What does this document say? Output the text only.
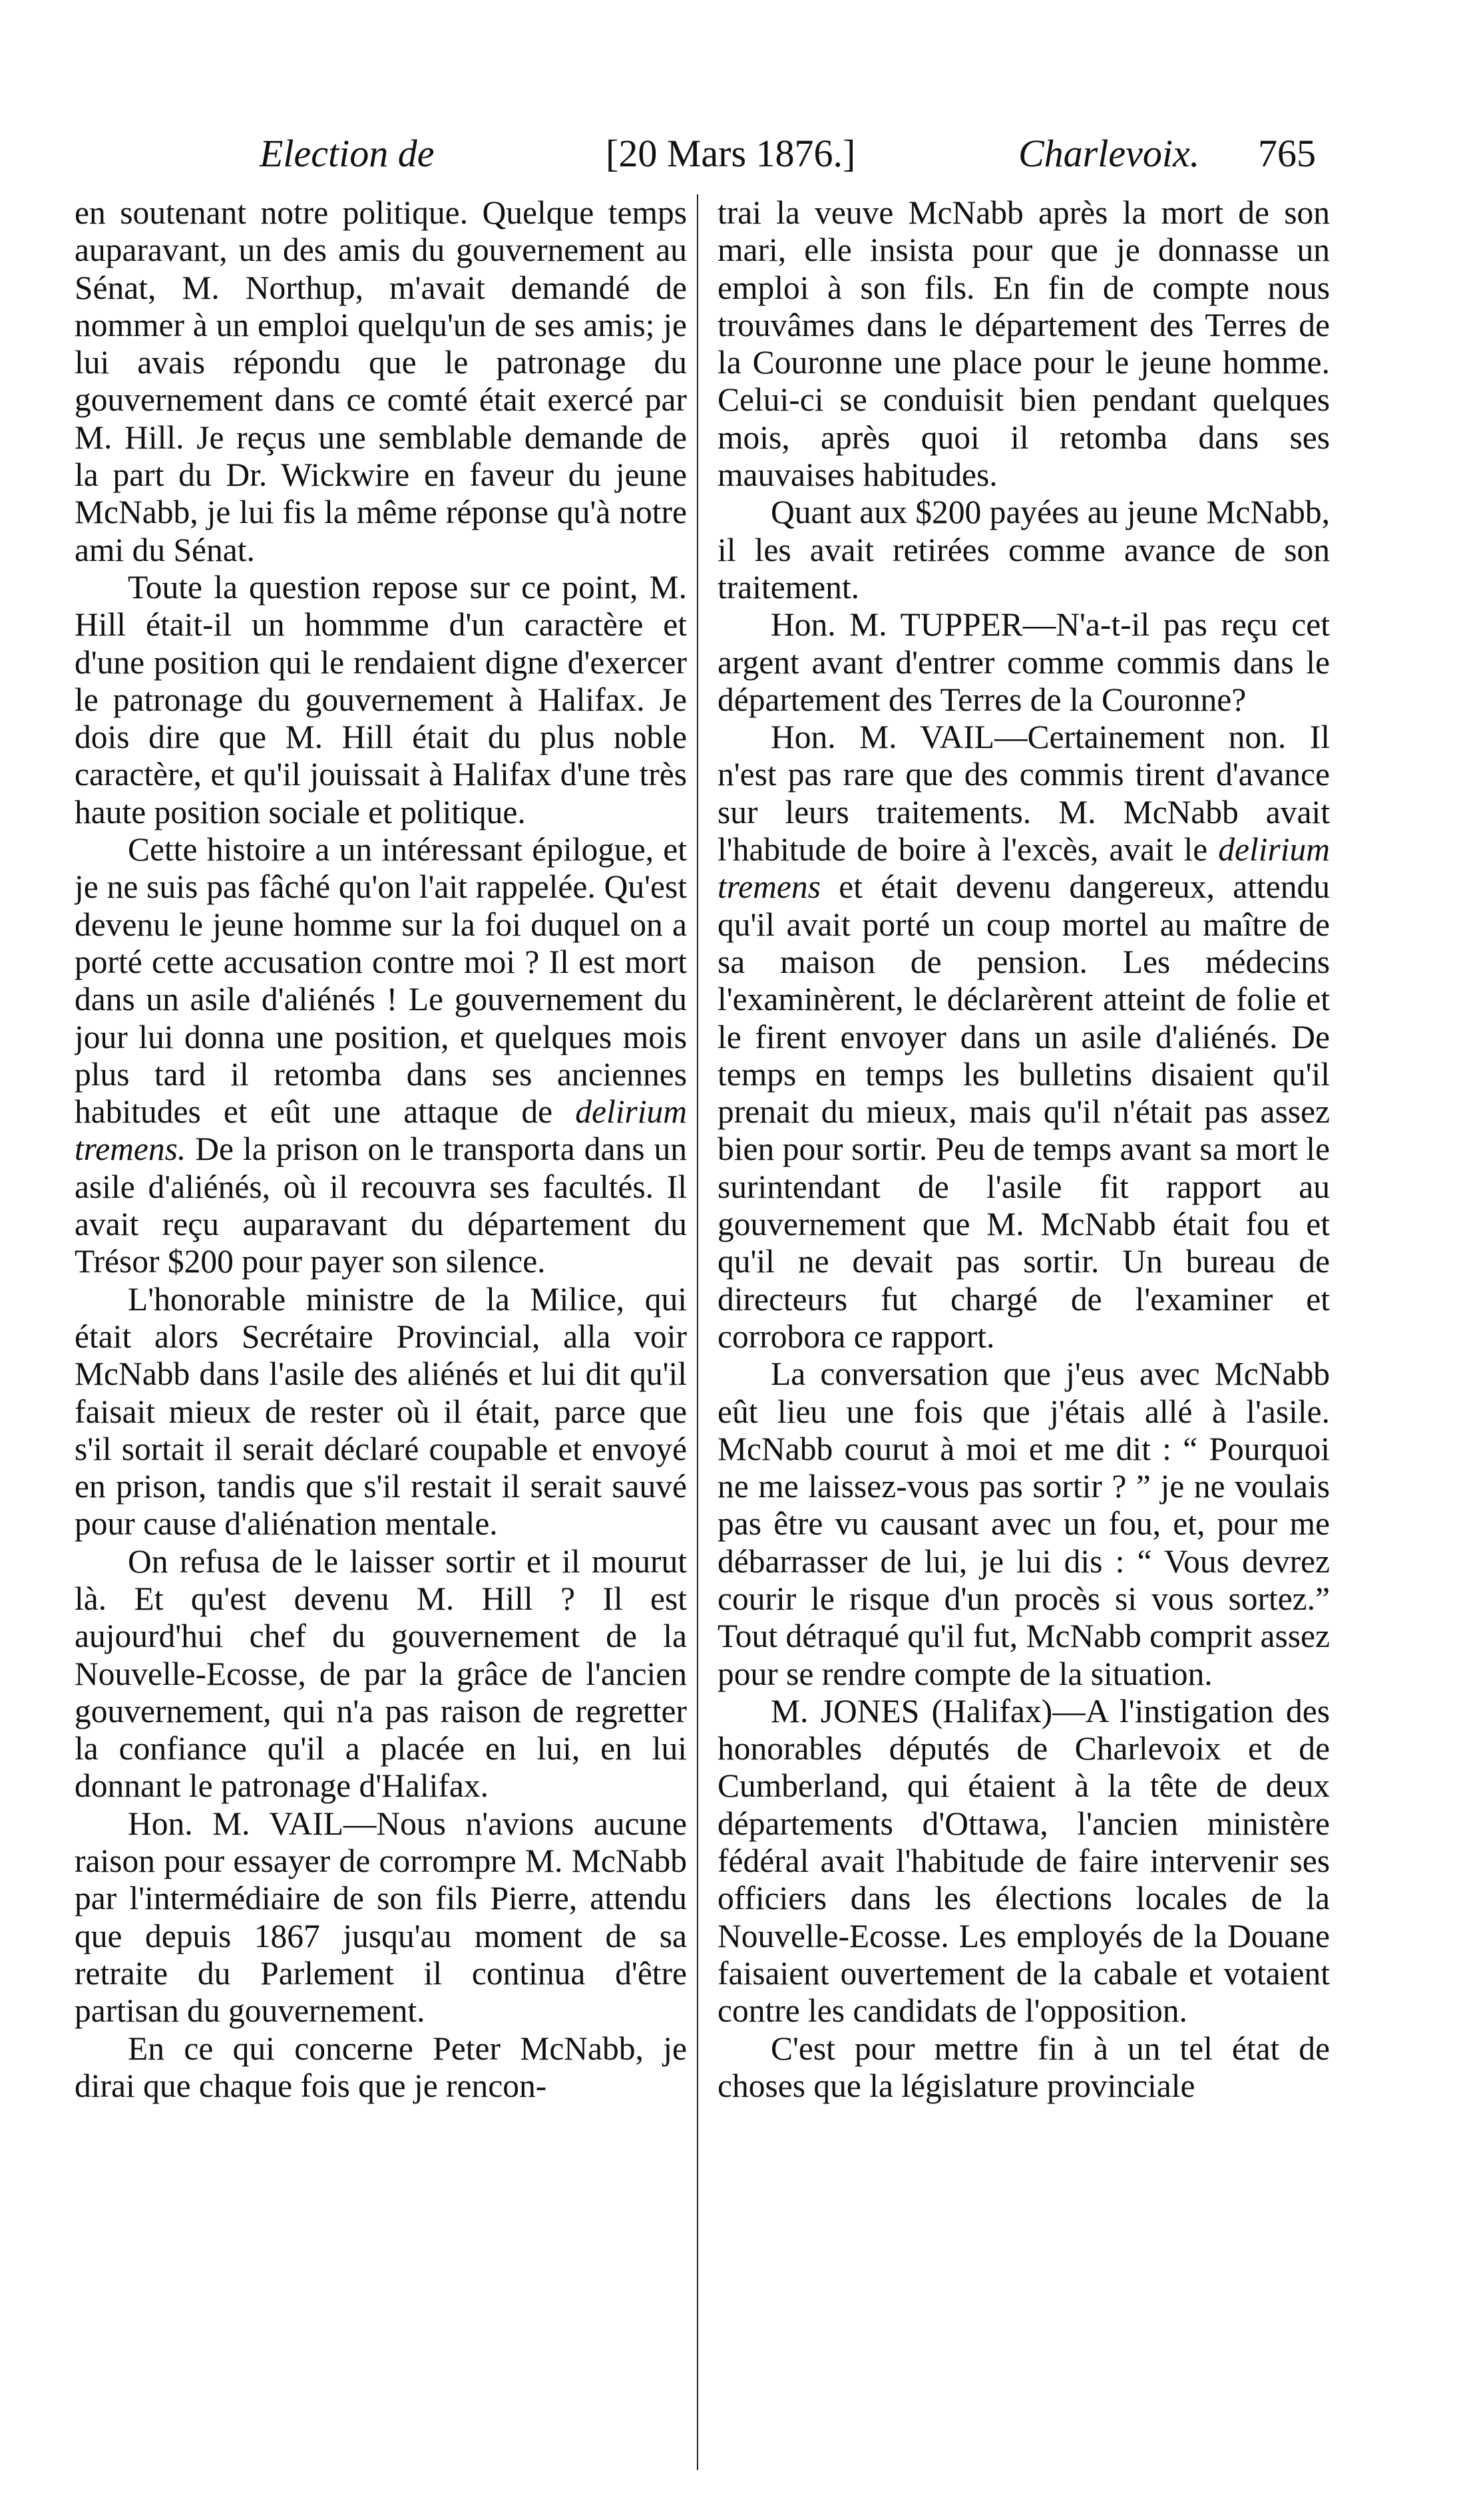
Election de	[20 Mars 1876.]	Charlevoix. 765

en soutenant notre politique. Quelque temps auparavant, un des amis du gouvernement au Sénat, M. Northup, m'avait demandé de nommer à un emploi quelqu'un de ses amis; je lui avais répondu que le patronage du gouvernement dans ce comté était exercé par M. Hill. Je reçus une semblable demande de la part du Dr. Wickwire en faveur du jeune McNabb, je lui fis la même réponse qu'à notre ami du Sénat.

Toute la question repose sur ce point, M. Hill était-il un hommme d'un caractère et d'une position qui le rendaient digne d'exercer le patronage du gouvernement à Halifax. Je dois dire que M. Hill était du plus noble caractère, et qu'il jouissait à Halifax d'une très haute position sociale et politique.

Cette histoire a un intéressant épilogue, et je ne suis pas fâché qu'on l'ait rappelée. Qu'est devenu le jeune homme sur la foi duquel on a porté cette accusation contre moi ? Il est mort dans un asile d'aliénés ! Le gouvernement du jour lui donna une position, et quelques mois plus tard il retomba dans ses anciennes habitudes et eût une attaque de delirium tremens. De la prison on le transporta dans un asile d'aliénés, où il recouvra ses facultés. Il avait reçu auparavant du département du Trésor $200 pour payer son silence.

L'honorable ministre de la Milice, qui était alors Secrétaire Provincial, alla voir McNabb dans l'asile des aliénés et lui dit qu'il faisait mieux de rester où il était, parce que s'il sortait il serait déclaré coupable et envoyé en prison, tandis que s'il restait il serait sauvé pour cause d'aliénation mentale.

On refusa de le laisser sortir et il mourut là. Et qu'est devenu M. Hill ? Il est aujourd'hui chef du gouvernement de la Nouvelle-Ecosse, de par la grâce de l'ancien gouvernement, qui n'a pas raison de regretter la confiance qu'il a placée en lui, en lui donnant le patronage d'Halifax.

Hon. M. VAIL—Nous n'avions aucune raison pour essayer de corrompre M. McNabb par l'intermédiaire de son fils Pierre, attendu que depuis 1867 jusqu'au moment de sa retraite du Parlement il continua d'être partisan du gouvernement.

En ce qui concerne Peter McNabb, je dirai que chaque fois que je rencon-

trai la veuve McNabb après la mort de son mari, elle insista pour que je donnasse un emploi à son fils. En fin de compte nous trouvâmes dans le département des Terres de la Couronne une place pour le jeune homme. Celui-ci se conduisit bien pendant quelques mois, après quoi il retomba dans ses mauvaises habitudes.

Quant aux $200 payées au jeune McNabb, il les avait retirées comme avance de son traitement.

Hon. M. TUPPER—N'a-t-il pas reçu cet argent avant d'entrer comme commis dans le département des Terres de la Couronne?

Hon. M. VAIL—Certainement non. Il n'est pas rare que des commis tirent d'avance sur leurs traitements. M. McNabb avait l'habitude de boire à l'excès, avait le delirium tremens et était devenu dangereux, attendu qu'il avait porté un coup mortel au maître de sa maison de pension. Les médecins l'examinèrent, le déclarèrent atteint de folie et le firent envoyer dans un asile d'aliénés. De temps en temps les bulletins disaient qu'il prenait du mieux, mais qu'il n'était pas assez bien pour sortir. Peu de temps avant sa mort le surintendant de l'asile fit rapport au gouvernement que M. McNabb était fou et qu'il ne devait pas sortir. Un bureau de directeurs fut chargé de l'examiner et corrobora ce rapport.

La conversation que j'eus avec McNabb eût lieu une fois que j'étais allé à l'asile. McNabb courut à moi et me dit : “ Pourquoi ne me laissez-vous pas sortir ? ” je ne voulais pas être vu causant avec un fou, et, pour me débarrasser de lui, je lui dis : “ Vous devrez courir le risque d'un procès si vous sortez.” Tout détraqué qu'il fut, McNabb comprit assez pour se rendre compte de la situation.

M. JONES (Halifax)—A l'instigation des honorables députés de Charlevoix et de Cumberland, qui étaient à la tête de deux départements d'Ottawa, l'ancien ministère fédéral avait l'habitude de faire intervenir ses officiers dans les élections locales de la Nouvelle-Ecosse. Les employés de la Douane faisaient ouvertement de la cabale et votaient contre les candidats de l'opposition.

C'est pour mettre fin à un tel état de choses que la législature provinciale
